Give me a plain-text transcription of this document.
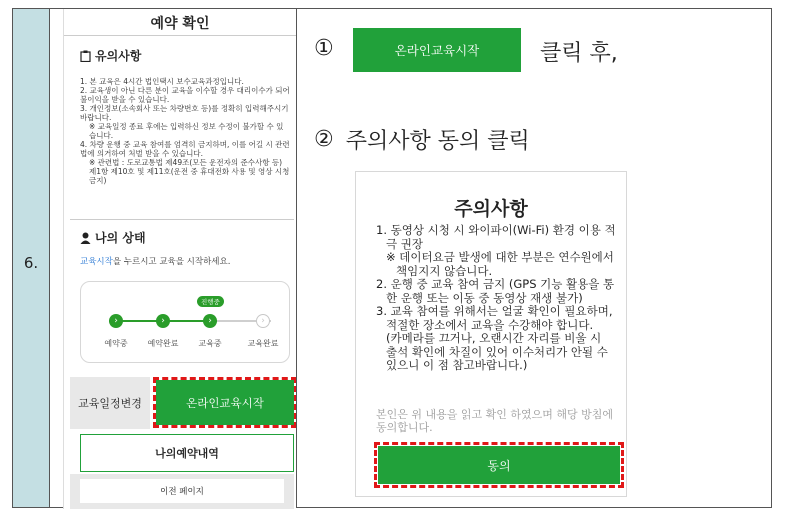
6.
예약 확인
유의사항

1. 본 교육은 4시간 법인택시 보수교육과정입니다.

2. 교육생이 아닌 다른 분이 교육을 이수할 경우 대리이수가 되어 불이익을 받을 수 있습니다.

3. 개인정보(소속회사 또는 차량번호 등)를 정확히 입력해주시기 바랍니다.

※ 교육일정 종료 후에는 입력하신 정보 수정이 불가할 수 있습니다.

4. 차량 운행 중 교육 참여를 엄격히 금지하며, 이를 어길 시 관련법에 의거하여 처벌 받을 수 있습니다.

※ 관련법 : 도로교통법 제49조(모든 운전자의 준수사항 등) 제1항 제10호 및 제11호(운전 중 휴대전화 사용 및 영상 시청 금지)

나의 상태
교육시작을 누르시고 교육을 시작하세요.
›	›	›	›
진행중
예약중	예약완료	교육중	교육완료
교육일정변경	온라인교육시작
나의예약내역
이전 페이지
①	온라인교육시작	클릭 후,
② 주의사항 동의 클릭
주의사항

1. 동영상 시청 시 와이파이(Wi-Fi) 환경 이용 적극 권장

※ 데이터요금 발생에 대한 부분은 연수원에서 책임지지 않습니다.

2. 운행 중 교육 참여 금지 (GPS 기능 활용을 통한 운행 또는 이동 중 동영상 재생 불가)

3. 교육 참여를 위해서는 얼굴 확인이 필요하며, 적절한 장소에서 교육을 수강해야 합니다.

(카메라를 끄거나, 오랜시간 자리를 비울 시 출석 확인에 차질이 있어 이수처리가 안될 수 있으니 이 점 참고바랍니다.)

본인은 위 내용을 읽고 확인 하였으며 해당 방침에 동의합니다.
동의
